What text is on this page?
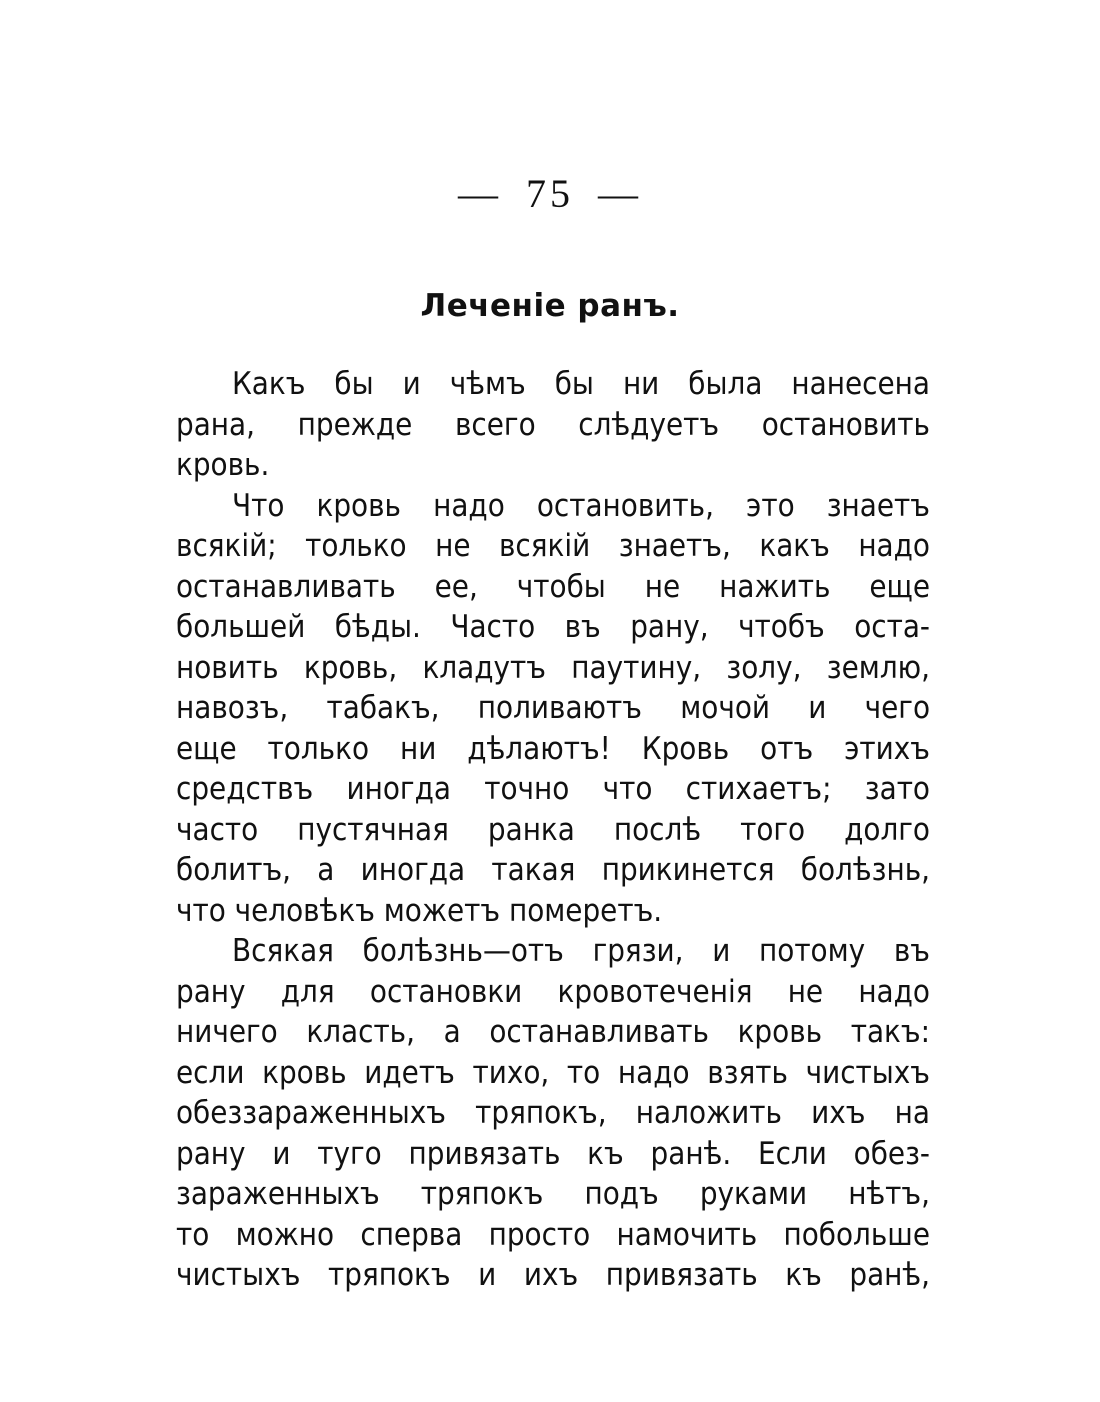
— 75 —
Леченіе ранъ.
Какъ бы и чѣмъ бы ни была нанесена
рана, прежде всего слѣдуетъ остановить
кровь.
Что кровь надо остановить, это знаетъ
всякій; только не всякій знаетъ, какъ надо
останавливать ее, чтобы не нажить еще
большей бѣды. Часто въ рану, чтобъ оста-
новить кровь, кладутъ паутину, золу, землю,
навозъ, табакъ, поливаютъ мочой и чего
еще только ни дѣлаютъ! Кровь отъ этихъ
средствъ иногда точно что стихаетъ; зато
часто пустячная ранка послѣ того долго
болитъ, а иногда такая прикинется болѣзнь,
что человѣкъ можетъ померетъ.
Всякая болѣзнь—отъ грязи, и потому въ
рану для остановки кровотеченія не надо
ничего класть, а останавливать кровь такъ:
если кровь идетъ тихо, то надо взять чистыхъ
обеззараженныхъ тряпокъ, наложить ихъ на
рану и туго привязать къ ранѣ. Если обез-
зараженныхъ тряпокъ подъ руками нѣтъ,
то можно сперва просто намочить побольше
чистыхъ тряпокъ и ихъ привязать къ ранѣ,
